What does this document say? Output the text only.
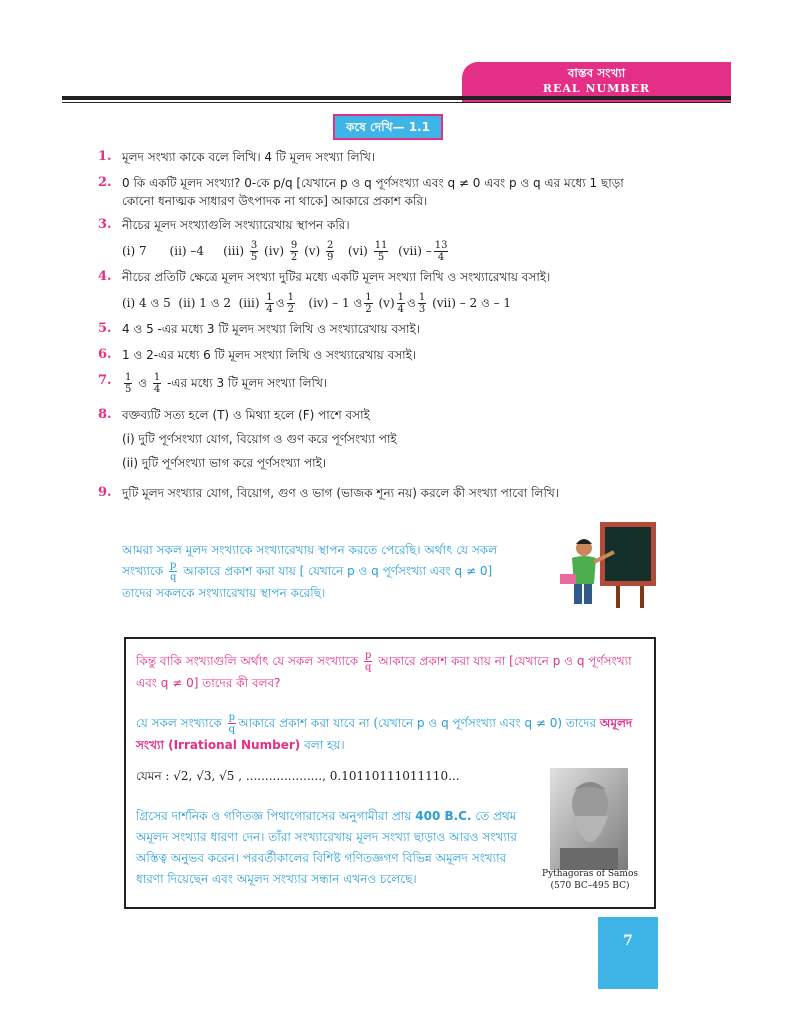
বাস্তব সংখ্যা
REAL NUMBER
কষে দেখি— 1.1
1. মূলদ সংখ্যা কাকে বলে লিখি। 4 টি মূলদ সংখ্যা লিখি।
2. 0 কি একটি মূলদ সংখ্যা? 0-কে p/q [যেখানে p ও q পূর্ণসংখ্যা এবং q ≠ 0 এবং p ও q এর মধ্যে 1 ছাড়া
কোনো ধনাত্মক সাধারণ উৎপাদক না থাকে] আকারে প্রকাশ করি।
3. নীচের মূলদ সংখ্যাগুলি সংখ্যারেখায় স্থাপন করি।
(i) 7 (ii) –4 $(iii) \frac{3}{5} (iv) \frac{9}{2} (v) \frac{2}{9} (vi) \frac{11}{5} (vii) - \frac{13}{4}$
4. নীচের প্রতিটি ক্ষেত্রে মূলদ সংখ্যা দুটির মধ্যে একটি মূলদ সংখ্যা লিখি ও সংখ্যারেখায় বসাই।
(i) 4 ও 5 (ii) 1 ও 2 $(iii) \frac{1}{4}$ ও $\frac{1}{2} (iv) - 1$ ও $\frac{1}{2} (v) \frac{1}{4}$ ও $\frac{1}{3} (vii) - 2$ ও – 1
5. 4 ও 5 -এর মধ্যে 3 টি মূলদ সংখ্যা লিখি ও সংখ্যারেখায় বসাই।
6. 1 ও 2-এর মধ্যে 6 টি মূলদ সংখ্যা লিখি ও সংখ্যারেখায় বসাই।
7. $\frac{1}{5}$ ও $\frac{1}{4}$ -এর মধ্যে 3 টি মূলদ সংখ্যা লিখি।
8. বক্তব্যটি সত্য হলে (T) ও মিথ্যা হলে (F) পাশে বসাই
(i) দুটি পূর্ণসংখ্যা যোগ, বিয়োগ ও গুণ করে পূর্ণসংখ্যা পাই
(ii) দুটি পূর্ণসংখ্যা ভাগ করে পূর্ণসংখ্যা পাই।
9. দুটি মূলদ সংখ্যার যোগ, বিয়োগ, গুণ ও ভাগ (ভাজক শূন্য নয়) করলে কী সংখ্যা পাবো লিখি।
আমরা সকল মূলদ সংখ্যাকে সংখ্যারেখায় স্থাপন করতে পেরেছি। অর্থাৎ যে সকল
সংখ্যাকে $\frac{p}{q}$ আকারে প্রকাশ করা যায় [ যেখানে p ও q পূর্ণসংখ্যা এবং q ≠ 0]
তাদের সকলকে সংখ্যারেখায় স্থাপন করেছি।
কিন্তু বাকি সংখ্যাগুলি অর্থাৎ যে সকল সংখ্যাকে $\frac{p}{q}$ আকারে প্রকাশ করা যায় না [যেখানে p ও q পূর্ণসংখ্যা
এবং q ≠ 0] তাদের কী বলব?
যে সকল সংখ্যাকে $\frac{p}{q}$ আকারে প্রকাশ করা যাবে না (যেখানে p ও q পূর্ণসংখ্যা এবং q ≠ 0) তাদের অমূলদ
সংখ্যা (Irrational Number) বলা হয়।
যেমন : √2, √3, √5 , ...................., 0.10110111011110...
গ্রিসের দার্শনিক ও গণিতজ্ঞ পিথাগোরাসের অনুগামীরা প্রায় 400 B.C. তে প্রথম অমূলদ সংখ্যার ধারণা দেন। তাঁরা সংখ্যারেখায় মূলদ সংখ্যা ছাড়াও আরও সংখ্যার অস্তিত্ব অনুভব করেন। পরবর্তীকালের বিশিষ্ট গণিতজ্ঞগণ বিভিন্ন অমূলদ সংখ্যার ধারণা দিয়েছেন এবং অমূলদ সংখ্যার সন্ধান এখনও চলেছে।	Pythagoras of Samos
(570 BC–495 BC)
7
